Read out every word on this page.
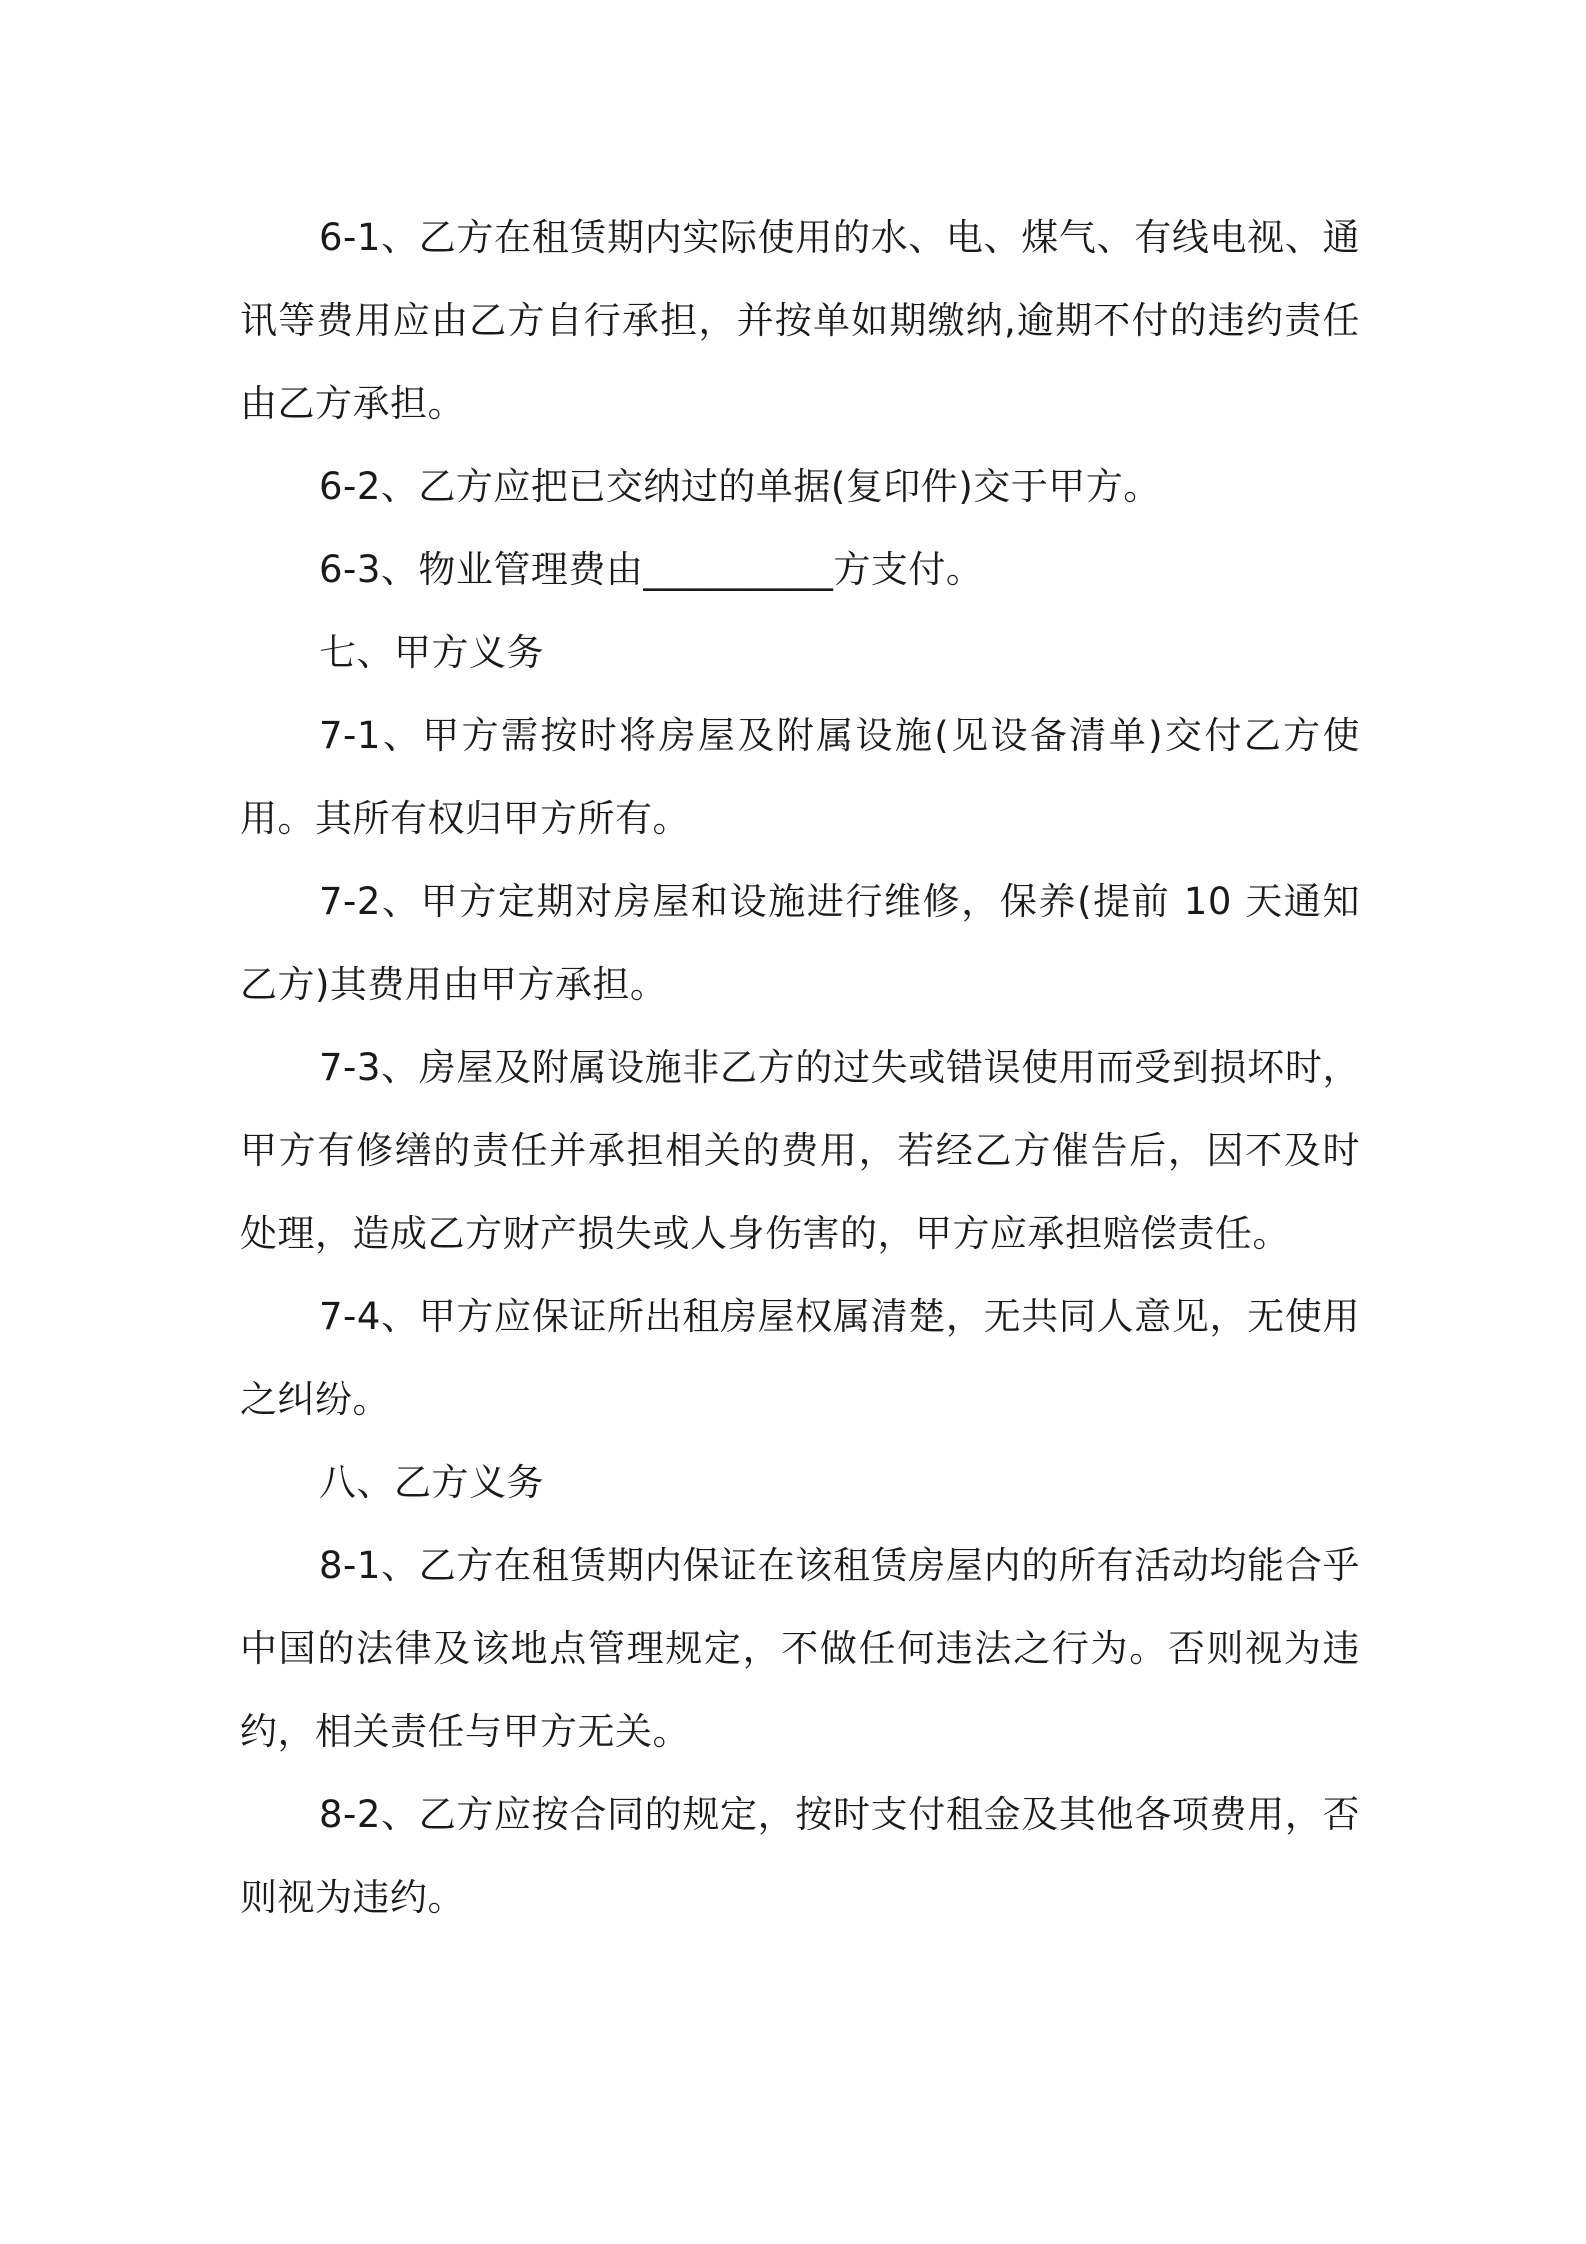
6-1、乙方在租赁期内实际使用的水、电、煤气、有线电视、通讯等费用应由乙方自行承担，并按单如期缴纳,逾期不付的违约责任由乙方承担。

6-2、乙方应把已交纳过的单据(复印件)交于甲方。

6-3、物业管理费由__________方支付。

七、甲方义务

7-1、甲方需按时将房屋及附属设施(见设备清单)交付乙方使用。其所有权归甲方所有。

7-2、甲方定期对房屋和设施进行维修，保养(提前 10 天通知乙方)其费用由甲方承担。

7-3、房屋及附属设施非乙方的过失或错误使用而受到损坏时，甲方有修缮的责任并承担相关的费用，若经乙方催告后，因不及时处理，造成乙方财产损失或人身伤害的，甲方应承担赔偿责任。

7-4、甲方应保证所出租房屋权属清楚，无共同人意见，无使用之纠纷。

八、乙方义务

8-1、乙方在租赁期内保证在该租赁房屋内的所有活动均能合乎中国的法律及该地点管理规定，不做任何违法之行为。否则视为违约，相关责任与甲方无关。

8-2、乙方应按合同的规定，按时支付租金及其他各项费用，否则视为违约。
